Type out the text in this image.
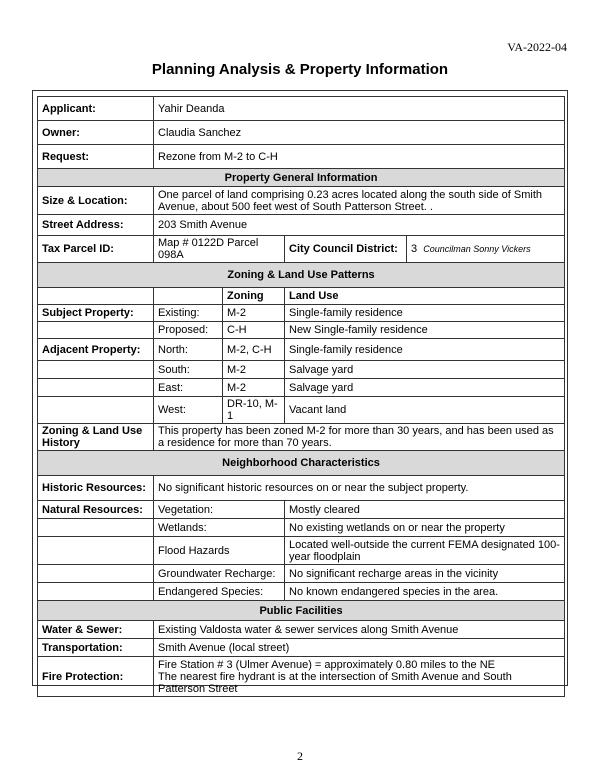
VA-2022-04
Planning Analysis & Property Information
Applicant:	Yahir Deanda			
Owner:	Claudia Sanchez			
Request:	Rezone from M-2 to C-H			
Property General Information				
Size & Location:	One parcel of land comprising 0.23 acres located along the south side of Smith Avenue, about 500 feet west of South Patterson Street. .			
Street Address:	203 Smith Avenue			
Tax Parcel ID:	Map # 0122D Parcel 098A		City Council District:	3 Councilman Sonny Vickers
Zoning & Land Use Patterns				
		Zoning	Land Use	
Subject Property:	Existing:	M-2	Single-family residence	
	Proposed:	C-H	New Single-family residence	
Adjacent Property:	North:	M-2, C-H	Single-family residence	
	South:	M-2	Salvage yard	
	East:	M-2	Salvage yard	
	West:	DR-10, M-1	Vacant land	
Zoning & Land Use History	This property has been zoned M-2 for more than 30 years, and has been used as a residence for more than 70 years.			
Neighborhood Characteristics				
Historic Resources:	No significant historic resources on or near the subject property.			
Natural Resources:	Vegetation:		Mostly cleared	
	Wetlands:		No existing wetlands on or near the property	
	Flood Hazards		Located well-outside the current FEMA designated 100-year floodplain	
	Groundwater Recharge:		No significant recharge areas in the vicinity	
	Endangered Species:		No known endangered species in the area.	
Public Facilities				
Water & Sewer:	Existing Valdosta water & sewer services along Smith Avenue			
Transportation:	Smith Avenue (local street)			
Fire Protection:	Fire Station # 3 (Ulmer Avenue) = approximately 0.80 miles to the NE
The nearest fire hydrant is at the intersection of Smith Avenue and South Patterson Street			
2
